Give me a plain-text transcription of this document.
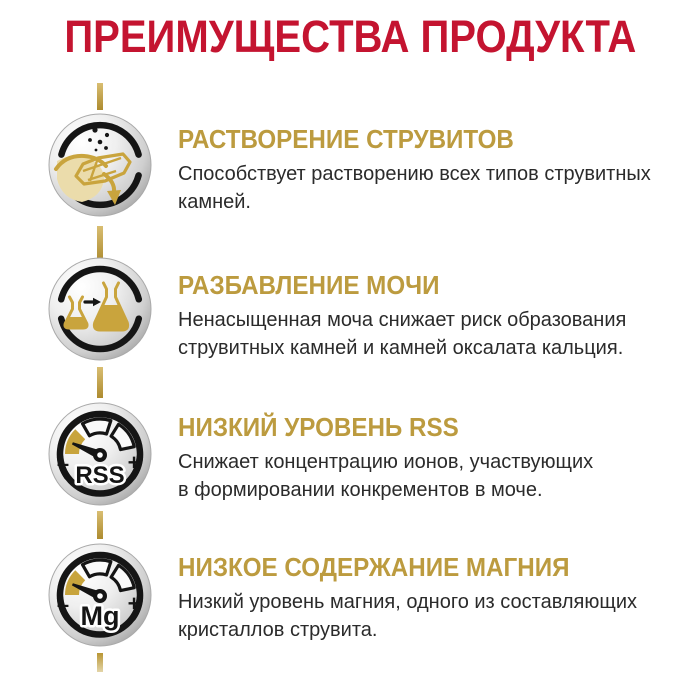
ПРЕИМУЩЕСТВА ПРОДУКТА
–	+
RSS
–	+
Mg
РАСТВОРЕНИЕ СТРУВИТОВ

Способствует растворению всех типов струвитных
камней.

РАЗБАВЛЕНИЕ МОЧИ

Ненасыщенная моча снижает риск образования
струвитных камней и камней оксалата кальция.

НИЗКИЙ УРОВЕНЬ RSS

Снижает концентрацию ионов, участвующих
в формировании конкрементов в моче.

НИЗКОЕ СОДЕРЖАНИЕ МАГНИЯ

Низкий уровень магния, одного из составляющих
кристаллов струвита.
